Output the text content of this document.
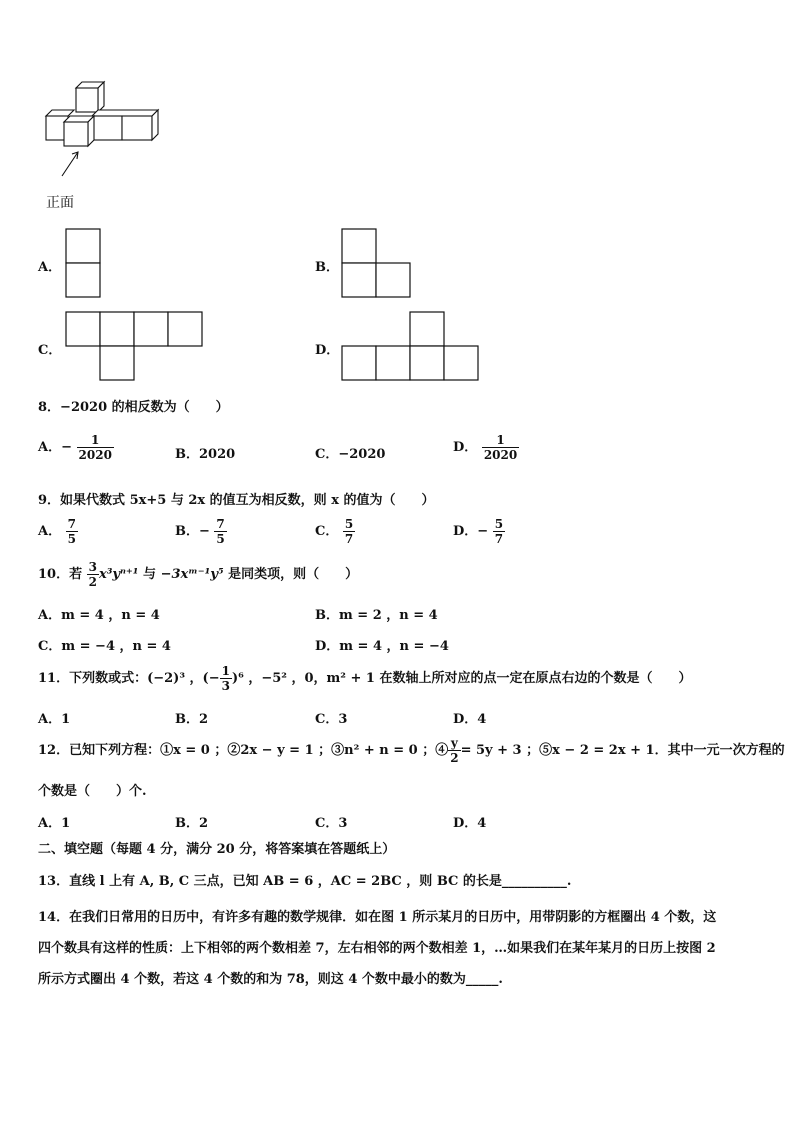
正面
A．	B．
C．	D．
8．−2020 的相反数为（　　）
A．− $\frac{1}{2020}$	B．2020	C．−2020	D． $\frac{1}{2020}$
9．如果代数式 5x+5 与 2x 的值互为相反数，则 x 的值为（　　）
A． $\frac{7}{5}$	B．− $\frac{7}{5}$	C． $\frac{5}{7}$	D．− $\frac{5}{7}$
10．若 $\frac{3}{2} x^3y^{n+1}$ 与 −3xᵐ⁻¹y⁵ 是同类项，则（　　）
A．m = 4 ，n = 4	B．m = 2 ，n = 4
C．m = −4 ，n = 4	D．m = 4 ，n = −4
11．下列数或式：(−2)³ ，(− $\frac{1}{3} )^6$ ，−5² ，0，m² + 1 在数轴上所对应的点一定在原点右边的个数是（　　）
A．1	B．2	C．3	D．4
12．已知下列方程：①x = 0 ；②2x − y = 1 ；③n² + n = 0 ；④ $\frac{y}{2} = 5y + 3$ ；⑤x − 2 = 2x + 1．其中一元一次方程的
个数是（　　）个.
A．1	B．2	C．3	D．4
二、填空题（每题 4 分，满分 20 分，将答案填在答题纸上）
13．直线 l 上有 A, B, C 三点，已知 AB = 6 ，AC = 2BC ，则 BC 的长是__________.
14．在我们日常用的日历中，有许多有趣的数学规律．如在图 1 所示某月的日历中，用带阴影的方框圈出 4 个数，这
四个数具有这样的性质：上下相邻的两个数相差 7，左右相邻的两个数相差 1，…如果我们在某年某月的日历上按图 2
所示方式圈出 4 个数，若这 4 个数的和为 78，则这 4 个数中最小的数为_____.
